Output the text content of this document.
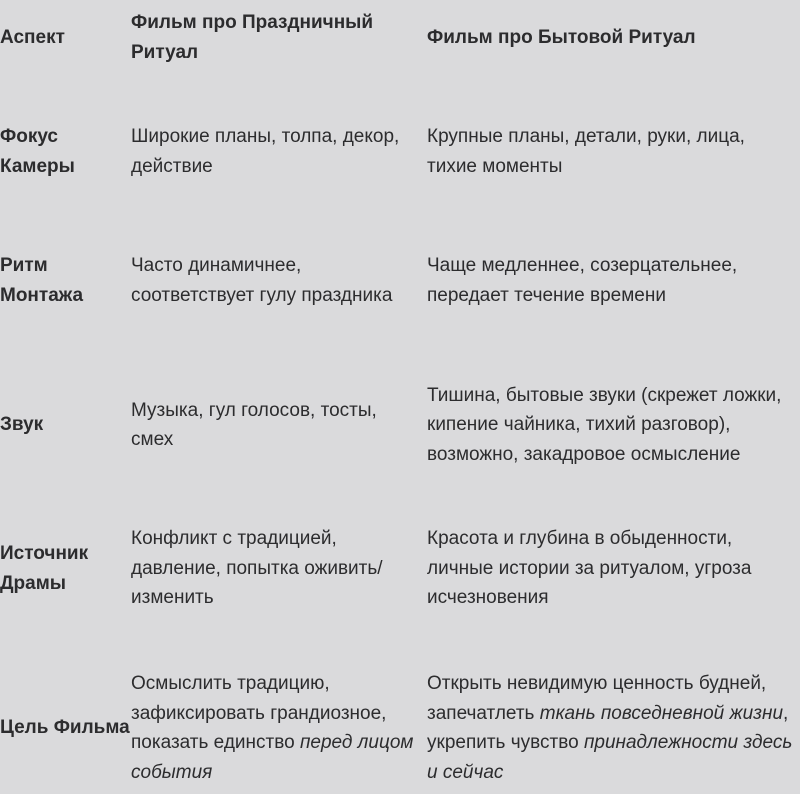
Аспект
Фильм про Праздничный Ритуал
Фильм про Бытовой Ритуал
Фокус Камеры
Широкие планы, толпа, декор, действие
Крупные планы, детали, руки, лица, тихие моменты
Ритм Монтажа
Часто динамичнее, соответствует гулу праздника
Чаще медленнее, созерцательнее, передает течение времени
Звук
Музыка, гул голосов, тосты, смех
Тишина, бытовые звуки (скрежет ложки, кипение чайника, тихий разговор), возможно, закадровое осмысление
Источник Драмы
Конфликт с традицией, давление, попытка оживить/изменить
Красота и глубина в обыденности, личные истории за ритуалом, угроза исчезновения
Цель Фильма
Осмыслить традицию, зафиксировать грандиозное, показать единство перед лицом события
Открыть невидимую ценность будней, запечатлеть ткань повседневной жизни, укрепить чувство принадлежности здесь и сейчас
